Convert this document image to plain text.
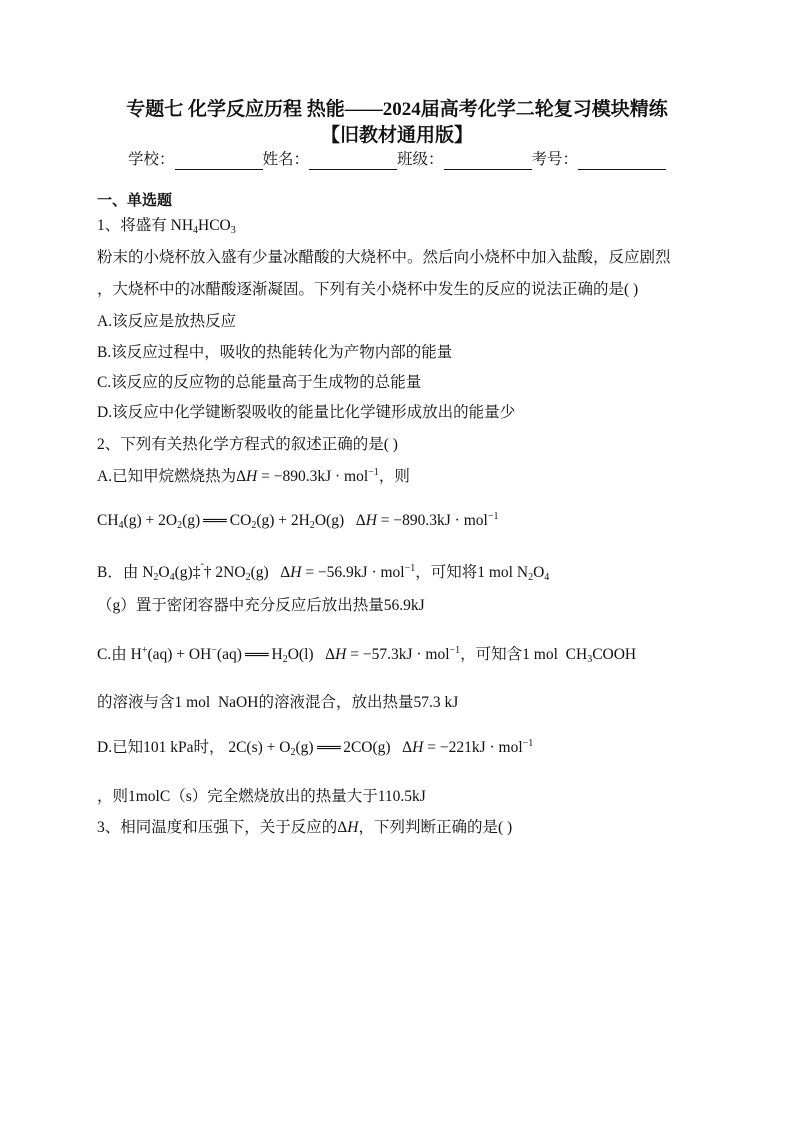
专题七 化学反应历程 热能——2024届高考化学二轮复习模块精练
【旧教材通用版】
学校：	姓名：	班级：	考号：
一、单选题
1、将盛有 $NH_4HCO_3$
粉末的小烧杯放入盛有少量冰醋酸的大烧杯中。然后向小烧杯中加入盐酸，反应剧烈
，大烧杯中的冰醋酸逐渐凝固。下列有关小烧杯中发生的反应的说法正确的是( )
A.该反应是放热反应
B.该反应过程中，吸收的热能转化为产物内部的能量
C.该反应的反应物的总能量高于生成物的总能量
D.该反应中化学键断裂吸收的能量比化学键形成放出的能量少
2、下列有关热化学方程式的叙述正确的是( )
A.已知甲烷燃烧热为ΔH = −890.3kJ · mol$^{-1}$，则
$CH_4(g) + 2O_2(g)$ ══ $CO_2(g) + 2H_2O(g) \Delta H = -890.3kJ \cdot mol^{-1}$
B．由 $N_2O_4(g)\ddagger^ˆ\dagger$ $2NO_2(g) \Delta H = -56.9kJ \cdot mol^{-1}$，可知将1 mol $N_2O_4$
（g）置于密闭容器中充分反应后放出热量56.9kJ
C.由 H+(aq) + OH−(aq) ══ $H_2O(l) \Delta H = -57.3kJ \cdot mol^{-1}$，可知含1 mol  $CH_3COOH$
的溶液与含1 mol  NaOH的溶液混合，放出热量57.3 kJ
D.已知101 kPa时， $2C(s) + O_2(g)$ ══ 2CO(g)   ΔH = −221kJ · mol$^{-1}$
，则1molC（s）完全燃烧放出的热量大于110.5kJ
3、相同温度和压强下，关于反应的ΔH，下列判断正确的是( )
